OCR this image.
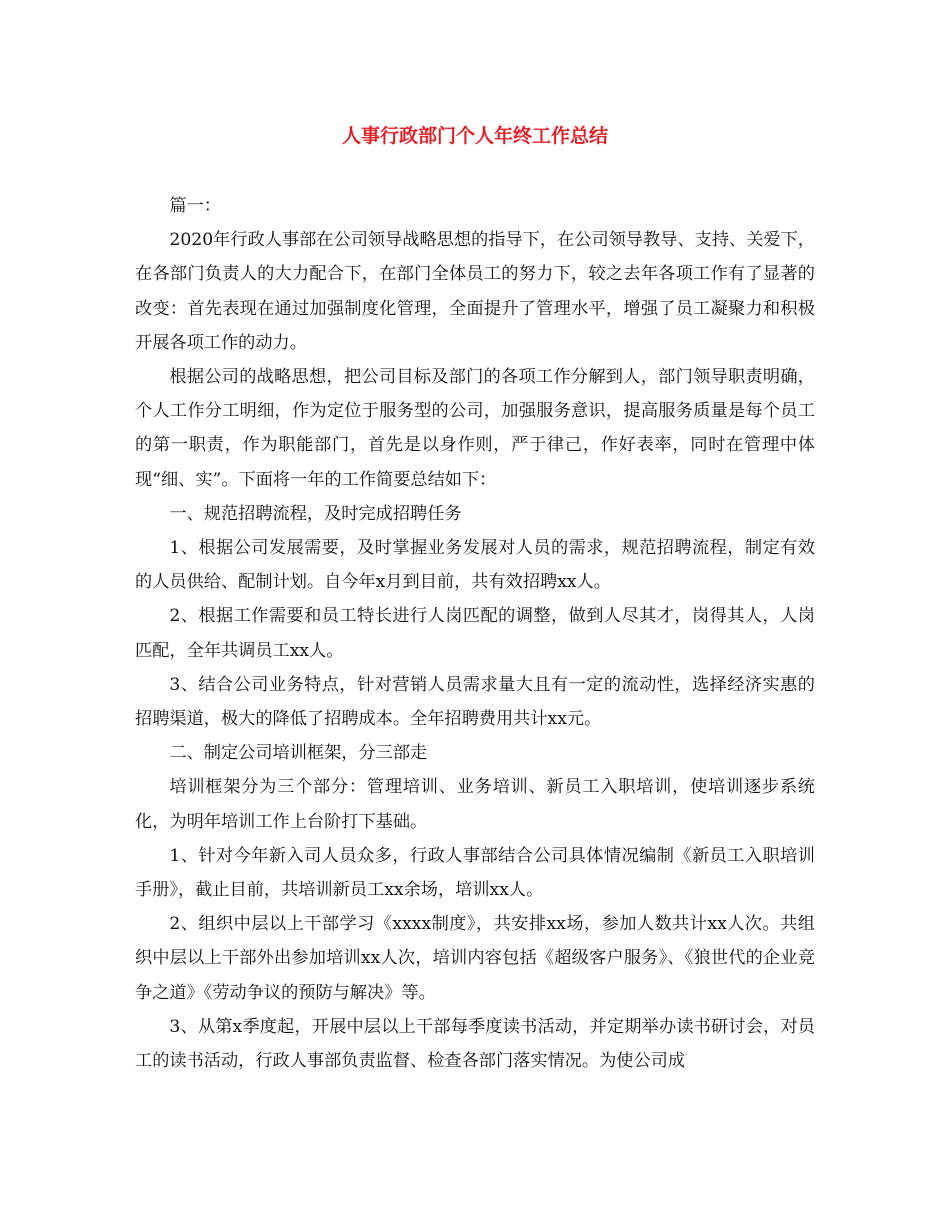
人事行政部门个人年终工作总结

篇一：

2020年行政人事部在公司领导战略思想的指导下，在公司领导教导、支持、关爱下，在各部门负责人的大力配合下，在部门全体员工的努力下，较之去年各项工作有了显著的改变：首先表现在通过加强制度化管理，全面提升了管理水平，增强了员工凝聚力和积极开展各项工作的动力。

根据公司的战略思想，把公司目标及部门的各项工作分解到人，部门领导职责明确，个人工作分工明细，作为定位于服务型的公司，加强服务意识，提高服务质量是每个员工的第一职责，作为职能部门，首先是以身作则，严于律己，作好表率，同时在管理中体现“细、实”。下面将一年的工作简要总结如下：

一、规范招聘流程，及时完成招聘任务

1、根据公司发展需要，及时掌握业务发展对人员的需求，规范招聘流程，制定有效的人员供给、配制计划。自今年x月到目前，共有效招聘xx人。

2、根据工作需要和员工特长进行人岗匹配的调整，做到人尽其才，岗得其人，人岗匹配，全年共调员工xx人。

3、结合公司业务特点，针对营销人员需求量大且有一定的流动性，选择经济实惠的招聘渠道，极大的降低了招聘成本。全年招聘费用共计xx元。

二、制定公司培训框架，分三部走

培训框架分为三个部分：管理培训、业务培训、新员工入职培训，使培训逐步系统化，为明年培训工作上台阶打下基础。

1、针对今年新入司人员众多，行政人事部结合公司具体情况编制《新员工入职培训手册》，截止目前，共培训新员工xx余场，培训xx人。

2、组织中层以上干部学习《xxxx制度》，共安排xx场，参加人数共计xx人次。共组织中层以上干部外出参加培训xx人次，培训内容包括《超级客户服务》、《狼世代的企业竞争之道》《劳动争议的预防与解决》等。

3、从第x季度起，开展中层以上干部每季度读书活动，并定期举办读书研讨会，对员工的读书活动，行政人事部负责监督、检查各部门落实情况。为使公司成
